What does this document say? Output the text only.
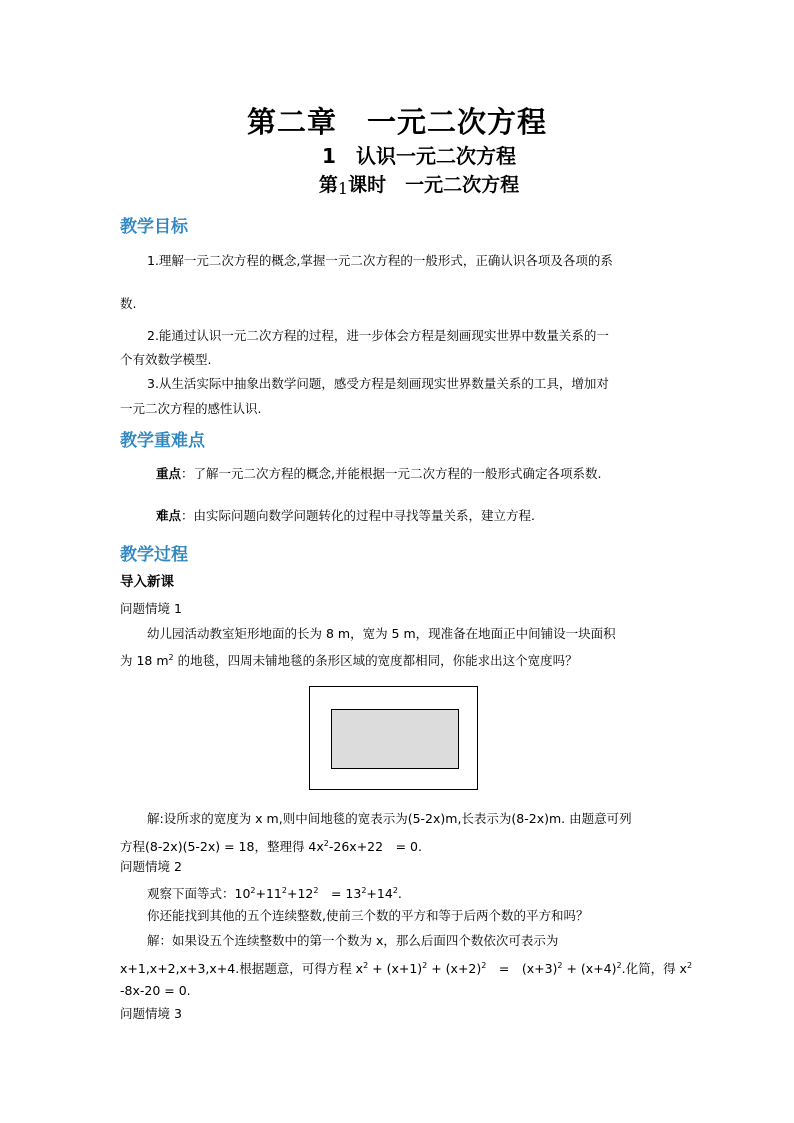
第二章　一元二次方程
1　认识一元二次方程
第1课时　一元二次方程
教学目标
1.理解一元二次方程的概念,掌握一元二次方程的一般形式，正确认识各项及各项的系
数.
2.能通过认识一元二次方程的过程，进一步体会方程是刻画现实世界中数量关系的一
个有效数学模型.
3.从生活实际中抽象出数学问题，感受方程是刻画现实世界数量关系的工具，增加对
一元二次方程的感性认识.
教学重难点
重点：了解一元二次方程的概念,并能根据一元二次方程的一般形式确定各项系数.
难点：由实际问题向数学问题转化的过程中寻找等量关系，建立方程.
教学过程
导入新课
问题情境 1
幼儿园活动教室矩形地面的长为 8 m，宽为 5 m，现准备在地面正中间铺设一块面积
为 18 $m^2$ 的地毯，四周未铺地毯的条形区域的宽度都相同，你能求出这个宽度吗？
解:设所求的宽度为 x m,则中间地毯的宽表示为(5-2x)m,长表示为(8-2x)m. 由题意可列
方程(8-2x)(5-2x) = 18，整理得 $4x^2-26x+22$　= 0.
问题情境 2
观察下面等式：$10^2+11^2+12^2$　= $13^2+14^2$.
你还能找到其他的五个连续整数,使前三个数的平方和等于后两个数的平方和吗？
解：如果设五个连续整数中的第一个数为 x，那么后面四个数依次可表示为
x+1,x+2,x+3,x+4.根据题意，可得方程 $x^2 + (x+1)^2 + (x+2)^2$　=　$(x+3)^2 + (x+4)^2$.化简，得 $x^2$
-8x-20 = 0.
问题情境 3
